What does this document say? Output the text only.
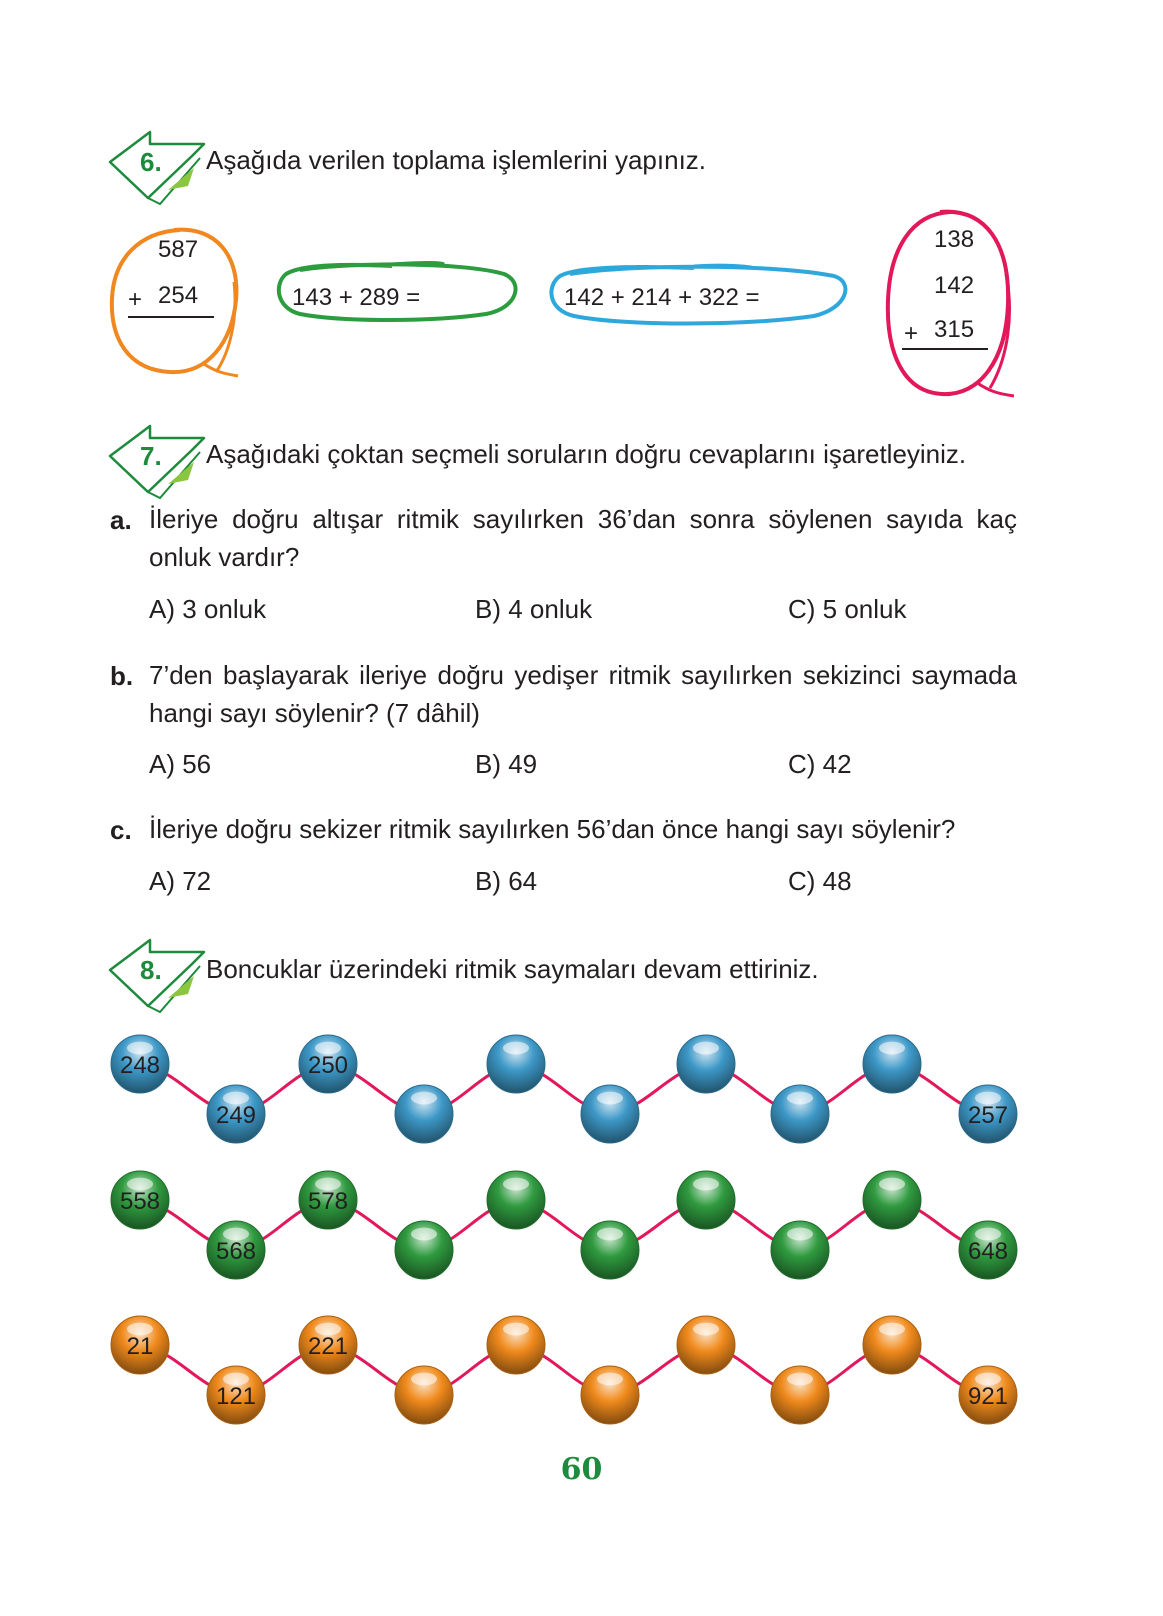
6. Aşağıda verilen toplama işlemlerini yapınız.
587
+ 254	143 + 289 =	142 + 214 + 322 =
138
142
+ 315
7. Aşağıdaki çoktan seçmeli soruların doğru cevaplarını işaretleyiniz.
a. İleriye doğru altışar ritmik sayılırken 36’dan sonra söylenen sayıda kaç onluk vardır?
A) 3 onluk	B) 4 onluk	C) 5 onluk
b. 7’den başlayarak ileriye doğru yedişer ritmik sayılırken sekizinci saymada hangi sayı söylenir? (7 dâhil)
A) 56	B) 49	C) 42
c. İleriye doğru sekizer ritmik sayılırken 56’dan önce hangi sayı söylenir?
A) 72	B) 64	C) 48
8. Boncuklar üzerindeki ritmik saymaları devam ettiriniz.
248
249
250
257
558
568
578
648
21
121
221
921
60
